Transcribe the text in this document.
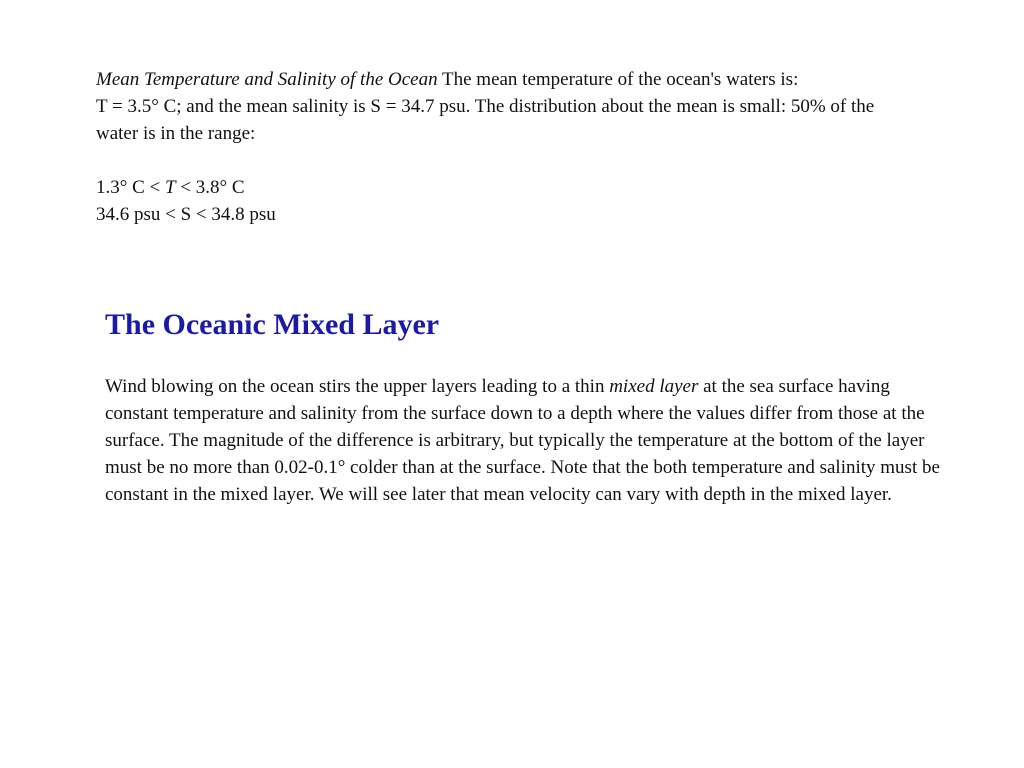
Mean Temperature and Salinity of the Ocean The mean temperature of the ocean's waters is:

T = 3.5° C; and the mean salinity is S = 34.7 psu. The distribution about the mean is small: 50% of the water is in the range:

1.3° C < T < 3.8° C

34.6 psu < S < 34.8 psu

The Oceanic Mixed Layer

Wind blowing on the ocean stirs the upper layers leading to a thin mixed layer at the sea surface having constant temperature and salinity from the surface down to a depth where the values differ from those at the surface. The magnitude of the difference is arbitrary, but typically the temperature at the bottom of the layer must be no more than 0.02-0.1° colder than at the surface. Note that the both temperature and salinity must be constant in the mixed layer. We will see later that mean velocity can vary with depth in the mixed layer.
